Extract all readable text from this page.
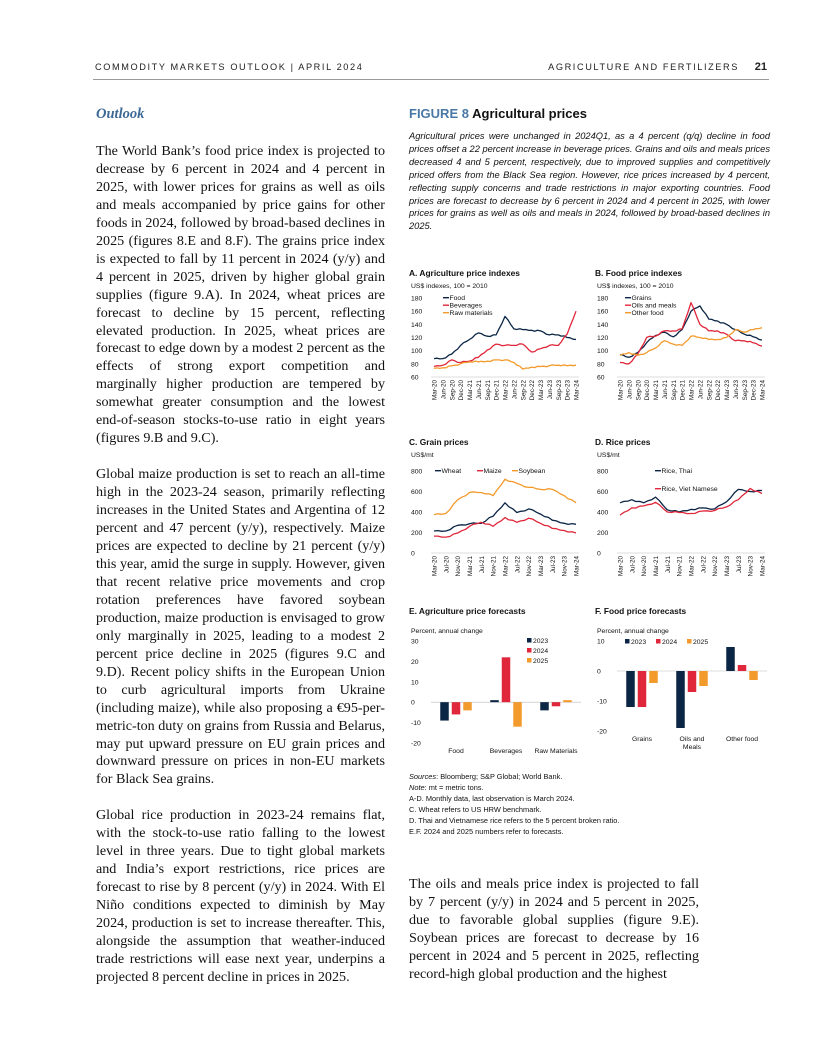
COMMODITY MARKETS OUTLOOK | APRIL 2024	AGRICULTURE AND FERTILIZERS 21
Outlook

The World Bank’s food price index is projected to decrease by 6 percent in 2024 and 4 percent in 2025, with lower prices for grains as well as oils and meals accompanied by price gains for other foods in 2024, followed by broad-based declines in 2025 (figures 8.E and 8.F). The grains price index is expected to fall by 11 percent in 2024 (y/y) and 4 percent in 2025, driven by higher global grain supplies (figure 9.A). In 2024, wheat prices are forecast to decline by 15 percent, reflecting elevated production. In 2025, wheat prices are forecast to edge down by a modest 2 percent as the effects of strong export competition and marginally higher production are tempered by somewhat greater consumption and the lowest end-of-season stocks-to-use ratio in eight years (figures 9.B and 9.C).

Global maize production is set to reach an all-time high in the 2023-24 season, primarily reflecting increases in the United States and Argentina of 12 percent and 47 percent (y/y), respectively. Maize prices are expected to decline by 21 percent (y/y) this year, amid the surge in supply. However, given that recent relative price movements and crop rotation preferences have favored soybean production, maize production is envisaged to grow only marginally in 2025, leading to a modest 2 percent price decline in 2025 (figures 9.C and 9.D). Recent policy shifts in the European Union to curb agricultural imports from Ukraine (including maize), while also proposing a €95-per-metric-ton duty on grains from Russia and Belarus, may put upward pressure on EU grain prices and downward pressure on prices in non-EU markets for Black Sea grains.

Global rice production in 2023-24 remains flat, with the stock-to-use ratio falling to the lowest level in three years. Due to tight global markets and India’s export restrictions, rice prices are forecast to rise by 8 percent (y/y) in 2024. With El Niño conditions expected to diminish by May 2024, production is set to increase thereafter. This, alongside the assumption that weather-induced trade restrictions will ease next year, underpins a projected 8 percent decline in prices in 2025.

FIGURE 8 Agricultural prices

Agricultural prices were unchanged in 2024Q1, as a 4 percent (q/q) decline in food prices offset a 22 percent increase in beverage prices. Grains and oils and meals prices decreased 4 and 5 percent, respectively, due to improved supplies and competitively priced offers from the Black Sea region. However, rice prices increased by 4 percent, reflecting supply concerns and trade restrictions in major exporting countries. Food prices are forecast to decrease by 6 percent in 2024 and 4 percent in 2025, with lower prices for grains as well as oils and meals in 2024, followed by broad-based declines in 2025.

A. Agriculture price indexes
US$ indexes, 100 = 2010
60
80
100
120
140
160
180
Mar-20 Jun-20 Sep-20 Dec-20 Mar-21 Jun-21 Sep-21 Dec-21 Mar-22 Jun-22 Sep-22 Dec-22 Mar-23 Jun-23 Sep-23 Dec-23 Mar-24
Food
Beverages
Raw materials
B. Food price indexes
US$ indexes, 100 = 2010
60
80
100
120
140
160
180
Mar-20 Jun-20 Sep-20 Dec-20 Mar-21 Jun-21 Sep-21 Dec-21 Mar-22 Jun-22 Sep-22 Dec-22 Mar-23 Jun-23 Sep-23 Dec-23 Mar-24
Grains
Oils and meals
Other food
C. Grain prices
US$/mt
0
200
400
600
800
Mar-20 Jul-20 Nov-20 Mar-21 Jul-21 Nov-21 Mar-22 Jul-22 Nov-22 Mar-23 Jul-23 Nov-23 Mar-24
Wheat	Maize Soybean
D. Rice prices
US$/mt
0
200
400
600
800
Mar-20 Jul-20 Nov-20 Mar-21 Jul-21 Nov-21 Mar-22 Jul-22 Nov-22 Mar-23 Jul-23 Nov-23 Mar-24
Rice, Thai
Rice, Viet Namese
E. Agriculture price forecasts
Percent, annual change
-20
-10
0
10
20
30
Food	Beverages Raw Materials
2023
2024
2025
F. Food price forecasts
Percent, annual change
-20
-10
0
10
Grains	Oils and
Meals
Other food
2023 2024 2025
Sources: Bloomberg; S&P Global; World Bank.
Note: mt = metric tons.
A-D. Monthly data, last observation is March 2024.
C. Wheat refers to US HRW benchmark.
D. Thai and Vietnamese rice refers to the 5 percent broken ratio.
E.F. 2024 and 2025 numbers refer to forecasts.

The oils and meals price index is projected to fall by 7 percent (y/y) in 2024 and 5 percent in 2025, due to favorable global supplies (figure 9.E). Soybean prices are forecast to decrease by 16 percent in 2024 and 5 percent in 2025, reflecting record-high global production and the highest
